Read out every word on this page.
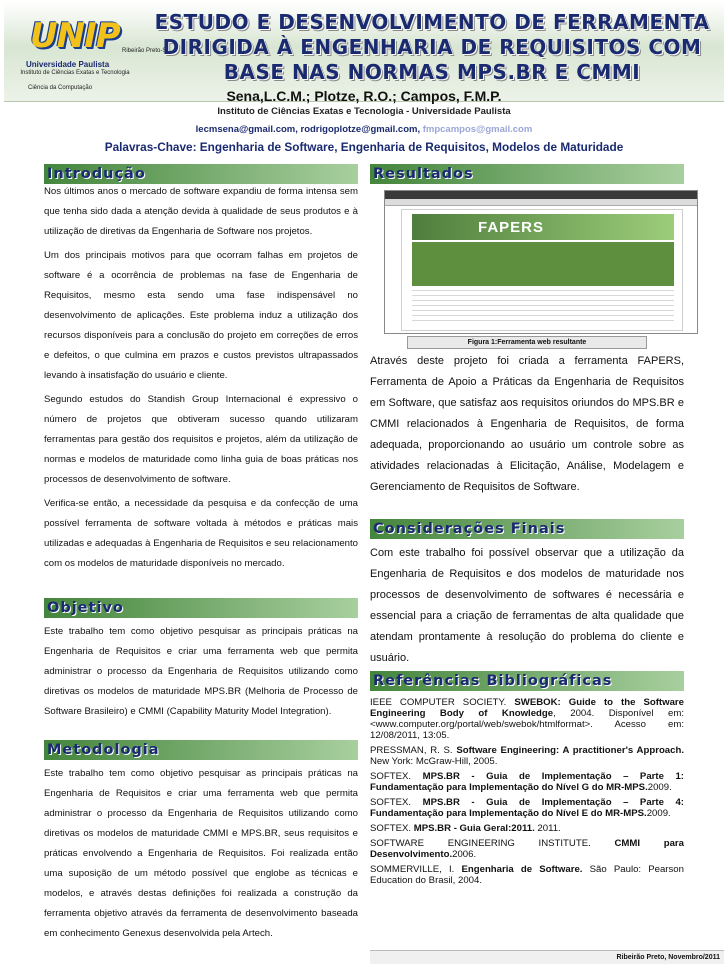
UNIP Ribeirão Preto-SP
Universidade Paulista
Instituto de Ciências Exatas e Tecnologia
Ciência da Computação
ESTUDO E DESENVOLVIMENTO DE FERRAMENTA DIRIGIDA À ENGENHARIA DE REQUISITOS COM BASE NAS NORMAS MPS.BR E CMMI
Sena,L.C.M.; Plotze, R.O.; Campos, F.M.P.
Instituto de Ciências Exatas e Tecnologia - Universidade Paulista
lecmsena@gmail.com, rodrigoplotze@gmail.com, fmpcampos@gmail.com
Palavras-Chave: Engenharia de Software, Engenharia de Requisitos, Modelos de Maturidade
Introdução

Nos últimos anos o mercado de software expandiu de forma intensa sem que tenha sido dada a atenção devida à qualidade de seus produtos e à utilização de diretivas da Engenharia de Software nos projetos.

Um dos principais motivos para que ocorram falhas em projetos de software é a ocorrência de problemas na fase de Engenharia de Requisitos, mesmo esta sendo uma fase indispensável no desenvolvimento de aplicações. Este problema induz a utilização dos recursos disponíveis para a conclusão do projeto em correções de erros e defeitos, o que culmina em prazos e custos previstos ultrapassados levando à insatisfação do usuário e cliente.

Segundo estudos do Standish Group Internacional é expressivo o número de projetos que obtiveram sucesso quando utilizaram ferramentas para gestão dos requisitos e projetos, além da utilização de normas e modelos de maturidade como linha guia de boas práticas nos processos de desenvolvimento de software.

Verifica-se então, a necessidade da pesquisa e da confecção de uma possível ferramenta de software voltada à métodos e práticas mais utilizadas e adequadas à Engenharia de Requisitos e seu relacionamento com os modelos de maturidade disponíveis no mercado.

Objetivo

Este trabalho tem como objetivo pesquisar as principais práticas na Engenharia de Requisitos e criar uma ferramenta web que permita administrar o processo da Engenharia de Requisitos utilizando como diretivas os modelos de maturidade MPS.BR (Melhoria de Processo de Software Brasileiro) e CMMI (Capability Maturity Model Integration).

Metodologia

Este trabalho tem como objetivo pesquisar as principais práticas na Engenharia de Requisitos e criar uma ferramenta web que permita administrar o processo da Engenharia de Requisitos utilizando como diretivas os modelos de maturidade CMMI e MPS.BR, seus requisitos e práticas envolvendo a Engenharia de Requisitos. Foi realizada então uma suposição de um método possível que englobe as técnicas e modelos, e através destas definições foi realizada a construção da ferramenta objetivo através da ferramenta de desenvolvimento baseada em conhecimento Genexus desenvolvida pela Artech.

Resultados
FAPERS
Figura 1:Ferramenta web resultante

Através deste projeto foi criada a ferramenta FAPERS, Ferramenta de Apoio a Práticas da Engenharia de Requisitos em Software, que satisfaz aos requisitos oriundos do MPS.BR e CMMI relacionados à Engenharia de Requisitos, de forma adequada, proporcionando ao usuário um controle sobre as atividades relacionadas à Elicitação, Análise, Modelagem e Gerenciamento de Requisitos de Software.

Considerações Finais

Com este trabalho foi possível observar que a utilização da Engenharia de Requisitos e dos modelos de maturidade nos processos de desenvolvimento de softwares é necessária e essencial para a criação de ferramentas de alta qualidade que atendam prontamente à resolução do problema do cliente e usuário.

Referências Bibliográficas

IEEE COMPUTER SOCIETY. SWEBOK: Guide to the Software Engineering Body of Knowledge, 2004. Disponível em: <www.computer.org/portal/web/swebok/htmlformat>. Acesso em: 12/08/2011, 13:05.

PRESSMAN, R. S. Software Engineering: A practitioner's Approach. New York: McGraw-Hill, 2005.

SOFTEX. MPS.BR - Guia de Implementação – Parte 1: Fundamentação para Implementação do Nível G do MR-MPS.2009.

SOFTEX. MPS.BR - Guia de Implementação – Parte 4: Fundamentação para Implementação do Nível E do MR-MPS.2009.

SOFTEX. MPS.BR - Guia Geral:2011. 2011.

SOFTWARE ENGINEERING INSTITUTE. CMMI para Desenvolvimento.2006.

SOMMERVILLE, I. Engenharia de Software. São Paulo: Pearson Education do Brasil, 2004.

Ribeirão Preto, Novembro/2011
